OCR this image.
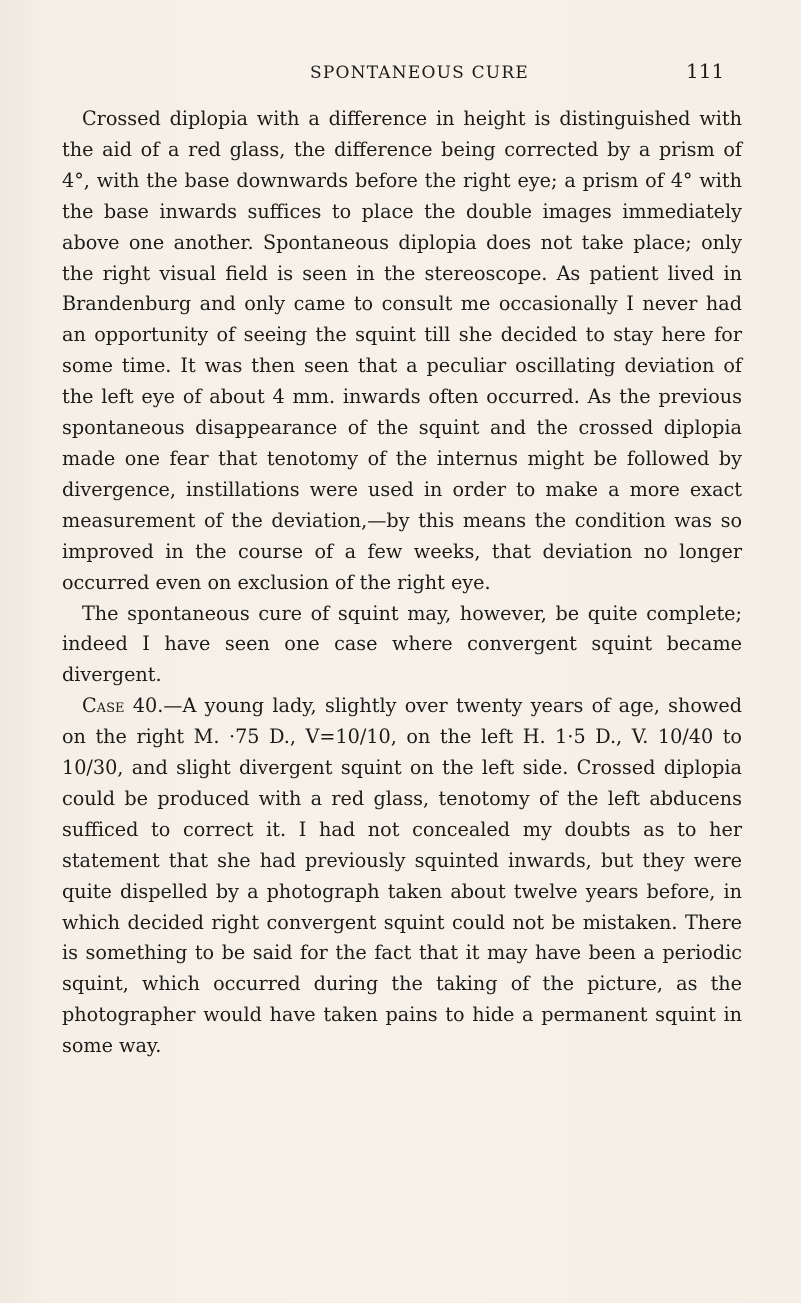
SPONTANEOUS CURE	111

Crossed diplopia with a difference in height is distinguished with the aid of a red glass, the difference being corrected by a prism of 4°, with the base downwards before the right eye; a prism of 4° with the base inwards suffices to place the double images immediately above one another. Spontaneous diplopia does not take place; only the right visual field is seen in the stereoscope. As patient lived in Brandenburg and only came to consult me occasionally I never had an opportunity of seeing the squint till she decided to stay here for some time. It was then seen that a peculiar oscillating deviation of the left eye of about 4 mm. inwards often occurred. As the previous spontaneous disappearance of the squint and the crossed diplopia made one fear that tenotomy of the internus might be followed by divergence, instillations were used in order to make a more exact measurement of the deviation,—by this means the condition was so improved in the course of a few weeks, that deviation no longer occurred even on exclusion of the right eye.

The spontaneous cure of squint may, however, be quite complete; indeed I have seen one case where convergent squint became divergent.

Case 40.—A young lady, slightly over twenty years of age, showed on the right M. ·75 D., V=10/10, on the left H. 1·5 D., V. 10/40 to 10/30, and slight divergent squint on the left side. Crossed diplopia could be produced with a red glass, tenotomy of the left abducens sufficed to correct it. I had not concealed my doubts as to her statement that she had previously squinted inwards, but they were quite dispelled by a photograph taken about twelve years before, in which decided right convergent squint could not be mistaken. There is something to be said for the fact that it may have been a periodic squint, which occurred during the taking of the picture, as the photographer would have taken pains to hide a permanent squint in some way.
